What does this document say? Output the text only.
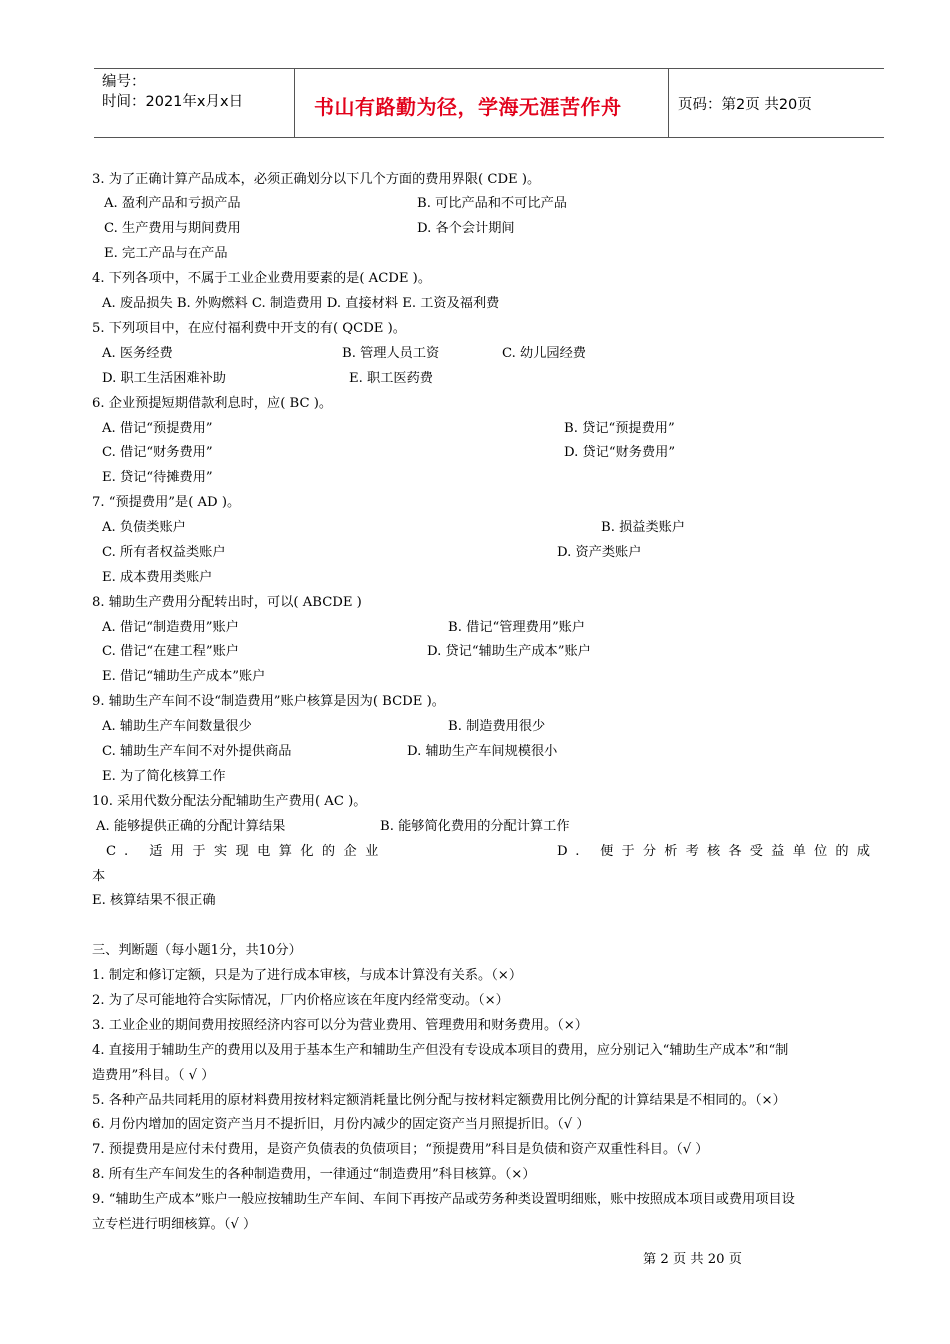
编号：
时间：2021年x月x日	书山有路勤为径，学海无涯苦作舟	页码：第2页 共20页
3. 为了正确计算产品成本，必须正确划分以下几个方面的费用界限( CDE )。
A. 盈利产品和亏损产品	B. 可比产品和不可比产品
C. 生产费用与期间费用	D. 各个会计期间
E. 完工产品与在产品
4. 下列各项中，不属于工业企业费用要素的是( ACDE )。
A. 废品损失 B. 外购燃料 C. 制造费用 D. 直接材料 E. 工资及福利费
5. 下列项目中，在应付福利费中开支的有( QCDE )。
A. 医务经费	B. 管理人员工资	C. 幼儿园经费
D. 职工生活困难补助	E. 职工医药费
6. 企业预提短期借款利息时，应( BC )。
A. 借记“预提费用”	B. 贷记“预提费用”
C. 借记“财务费用”	D. 贷记“财务费用”
E. 贷记“待摊费用”
7. “预提费用”是( AD )。
A. 负债类账户	B. 损益类账户
C. 所有者权益类账户	D. 资产类账户
E. 成本费用类账户
8. 辅助生产费用分配转出时，可以( ABCDE )
A. 借记“制造费用”账户	B. 借记“管理费用”账户
C. 借记“在建工程”账户	D. 贷记“辅助生产成本”账户
E. 借记“辅助生产成本”账户
9. 辅助生产车间不设“制造费用”账户核算是因为( BCDE )。
A. 辅助生产车间数量很少	B. 制造费用很少
C. 辅助生产车间不对外提供商品	D. 辅助生产车间规模很小
E. 为了简化核算工作
10. 采用代数分配法分配辅助生产费用( AC )。
A. 能够提供正确的分配计算结果	B. 能够简化费用的分配计算工作
C. 适用于实现电算化的企业	D. 便于分析考核各受益单位的成
本
E. 核算结果不很正确
三、判断题（每小题1分，共10分）
1. 制定和修订定额，只是为了进行成本审核，与成本计算没有关系。（×）
2. 为了尽可能地符合实际情况，厂内价格应该在年度内经常变动。（×）
3. 工业企业的期间费用按照经济内容可以分为营业费用、管理费用和财务费用。（×）
4. 直接用于辅助生产的费用以及用于基本生产和辅助生产但没有专设成本项目的费用，应分别记入“辅助生产成本”和“制
造费用”科目。（ √ ）
5. 各种产品共同耗用的原材料费用按材料定额消耗量比例分配与按材料定额费用比例分配的计算结果是不相同的。（×）
6. 月份内增加的固定资产当月不提折旧，月份内减少的固定资产当月照提折旧。（√ ）
7. 预提费用是应付未付费用，是资产负债表的负债项目；“预提费用”科目是负债和资产双重性科目。（√ ）
8. 所有生产车间发生的各种制造费用，一律通过“制造费用”科目核算。（×）
9. “辅助生产成本”账户一般应按辅助生产车间、车间下再按产品或劳务种类设置明细账，账中按照成本项目或费用项目设
立专栏进行明细核算。（√ ）
第 2 页 共 20 页
